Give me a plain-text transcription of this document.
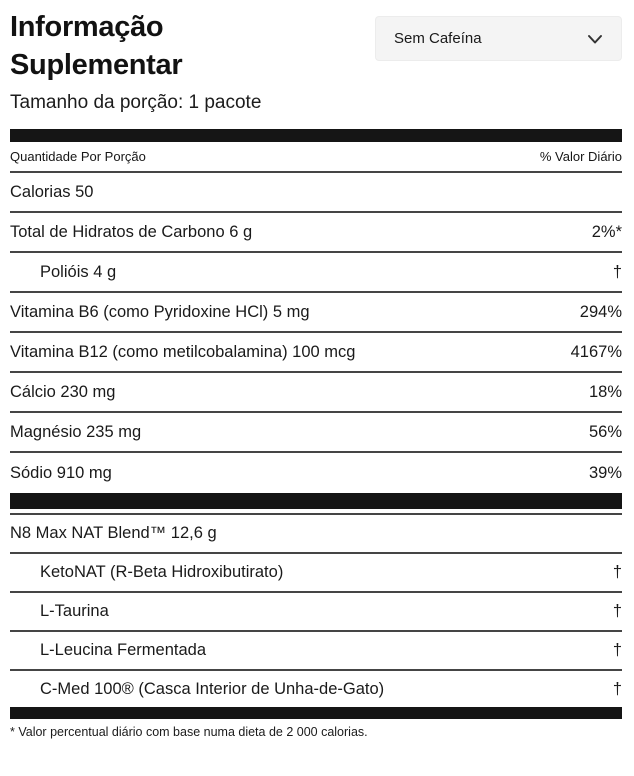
Informação Suplementar
Sem Cafeína
Tamanho da porção: 1 pacote
Quantidade Por Porção	% Valor Diário
Calorias 50
Total de Hidratos de Carbono 6 g	2%*
Polióis 4 g	†
Vitamina B6 (como Pyridoxine HCl) 5 mg	294%
Vitamina B12 (como metilcobalamina) 100 mcg	4167%
Cálcio 230 mg	18%
Magnésio 235 mg	56%
Sódio 910 mg	39%
N8 Max NAT Blend™ 12,6 g
KetoNAT (R-Beta Hidroxibutirato)	†
L-Taurina	†
L-Leucina Fermentada	†
C-Med 100® (Casca Interior de Unha-de-Gato)	†
* Valor percentual diário com base numa dieta de 2 000 calorias.
